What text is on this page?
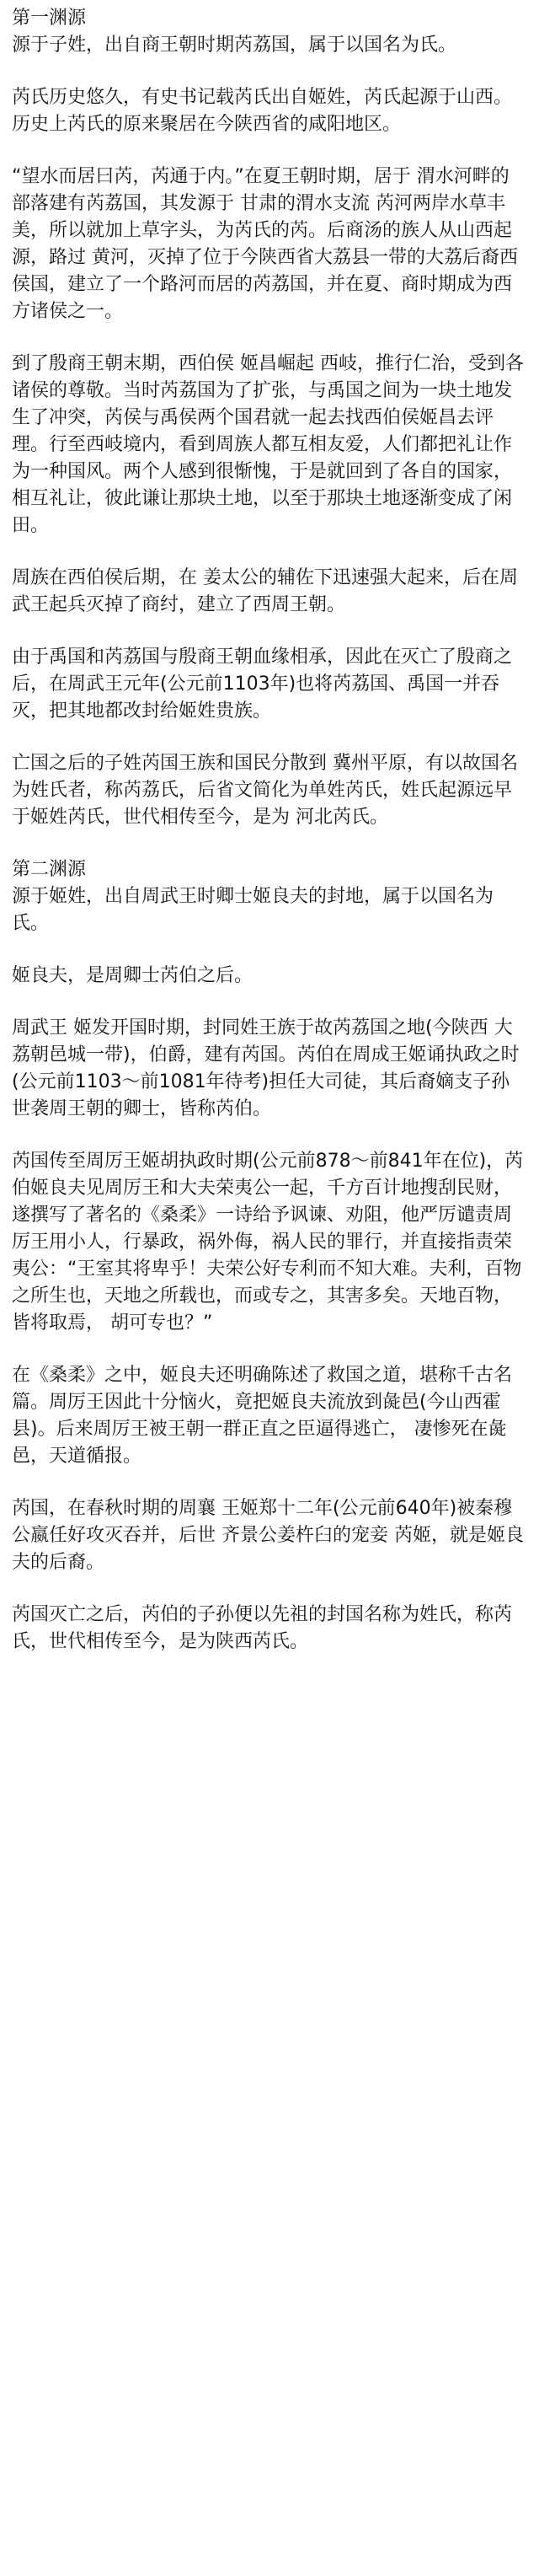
第一渊源

源于子姓，出自商王朝时期芮荔国，属于以国名为氏。

芮氏历史悠久，有史书记载芮氏出自姬姓，芮氏起源于山西。历史上芮氏的原来聚居在今陕西省的咸阳地区。

“望水而居曰芮，芮通于内。”在夏王朝时期，居于 渭水河畔的部落建有芮荔国，其发源于 甘肃的渭水支流 芮河两岸水草丰美，所以就加上草字头，为芮氏的芮。后商汤的族人从山西起源，路过 黄河，灭掉了位于今陕西省大荔县一带的大荔后裔西 侯国，建立了一个路河而居的芮荔国，并在夏、商时期成为西方诸侯之一。

到了殷商王朝末期，西伯侯 姬昌崛起 西岐，推行仁治，受到各诸侯的尊敬。当时芮荔国为了扩张，与禹国之间为一块土地发生了冲突，芮侯与禹侯两个国君就一起去找西伯侯姬昌去评理。行至西岐境内，看到周族人都互相友爱，人们都把礼让作为一种国风。两个人感到很惭愧，于是就回到了各自的国家，相互礼让，彼此谦让那块土地，以至于那块土地逐渐变成了闲田。

周族在西伯侯后期，在 姜太公的辅佐下迅速强大起来，后在周武王起兵灭掉了商纣，建立了西周王朝。

由于禹国和芮荔国与殷商王朝血缘相承，因此在灭亡了殷商之后，在周武王元年(公元前1103年)也将芮荔国、禹国一并吞灭，把其地都改封给姬姓贵族。

亡国之后的子姓芮国王族和国民分散到 冀州平原，有以故国名为姓氏者，称芮荔氏，后省文简化为单姓芮氏，姓氏起源远早于姬姓芮氏，世代相传至今，是为 河北芮氏。

第二渊源

源于姬姓，出自周武王时卿士姬良夫的封地，属于以国名为氏。

姬良夫，是周卿士芮伯之后。

周武王 姬发开国时期，封同姓王族于故芮荔国之地(今陕西 大荔朝邑城一带)，伯爵，建有芮国。芮伯在周成王姬诵执政之时(公元前1103～前1081年待考)担任大司徒，其后裔嫡支子孙世袭周王朝的卿士，皆称芮伯。

芮国传至周厉王姬胡执政时期(公元前878～前841年在位)，芮伯姬良夫见周厉王和大夫荣夷公一起，千方百计地搜刮民财，遂撰写了著名的《桑柔》一诗给予讽谏、劝阻，他严厉谴责周厉王用小人，行暴政，祸外侮，祸人民的罪行，并直接指责荣夷公：“王室其将卑乎！夫荣公好专利而不知大难。夫利，百物之所生也，天地之所载也，而或专之，其害多矣。天地百物，皆将取焉， 胡可专也？”

在《桑柔》之中，姬良夫还明确陈述了救国之道，堪称千古名篇。周厉王因此十分恼火，竟把姬良夫流放到彘邑(今山西霍县)。后来周厉王被王朝一群正直之臣逼得逃亡， 凄惨死在彘邑，天道循报。

芮国，在春秋时期的周襄 王姬郑十二年(公元前640年)被秦穆公嬴任好攻灭吞并，后世 齐景公姜杵臼的宠妾 芮姬，就是姬良夫的后裔。

芮国灭亡之后，芮伯的子孙便以先祖的封国名称为姓氏，称芮氏，世代相传至今，是为陕西芮氏。
